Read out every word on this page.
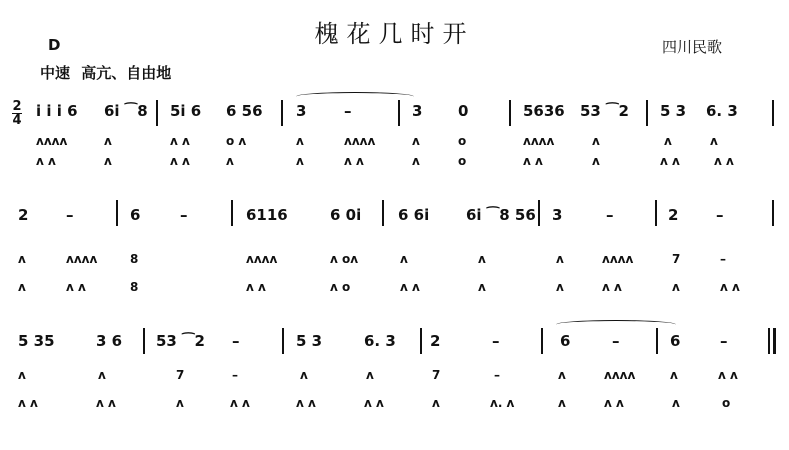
槐花几时开	四川民歌
D
中速 高亢、自由地
2
4
i i i 6 6i ⁀8 5i 6 6 56 3	–	3 0	5636 53 ⁀2 5 3 6. 3
ʌʌʌʌ	ʌ	ʌ ʌ	o ʌ	ʌ	ʌʌʌʌ	ʌ	o	ʌʌʌʌ	ʌ	ʌ	ʌ
ʌ ʌ	ʌ	ʌ ʌ	ʌ	ʌ	ʌ ʌ	ʌ	o	ʌ ʌ	ʌ	ʌ ʌ	ʌ ʌ
2	–	6	–	6116	6 0i 6 6i 6i ⁀8 56 3	–	2	–
ʌ	ʌʌʌʌ	8	ʌʌʌʌ	ʌ oʌ	ʌ	ʌ	ʌ	ʌʌʌʌ	7	–
ʌ	ʌ ʌ	8	ʌ ʌ	ʌ o	ʌ ʌ	ʌ	ʌ	ʌ ʌ	ʌ	ʌ ʌ
5 35	3 6 53 ⁀2 –	5 3	6. 3 2	–	6	–	6	–
ʌ	ʌ	7	–	ʌ	ʌ	7	–	ʌ	ʌʌʌʌ	ʌ	ʌ ʌ
ʌ ʌ	ʌ ʌ	ʌ	ʌ ʌ	ʌ ʌ	ʌ ʌ	ʌ	ʌ. ʌ	ʌ	ʌ ʌ	ʌ	o
